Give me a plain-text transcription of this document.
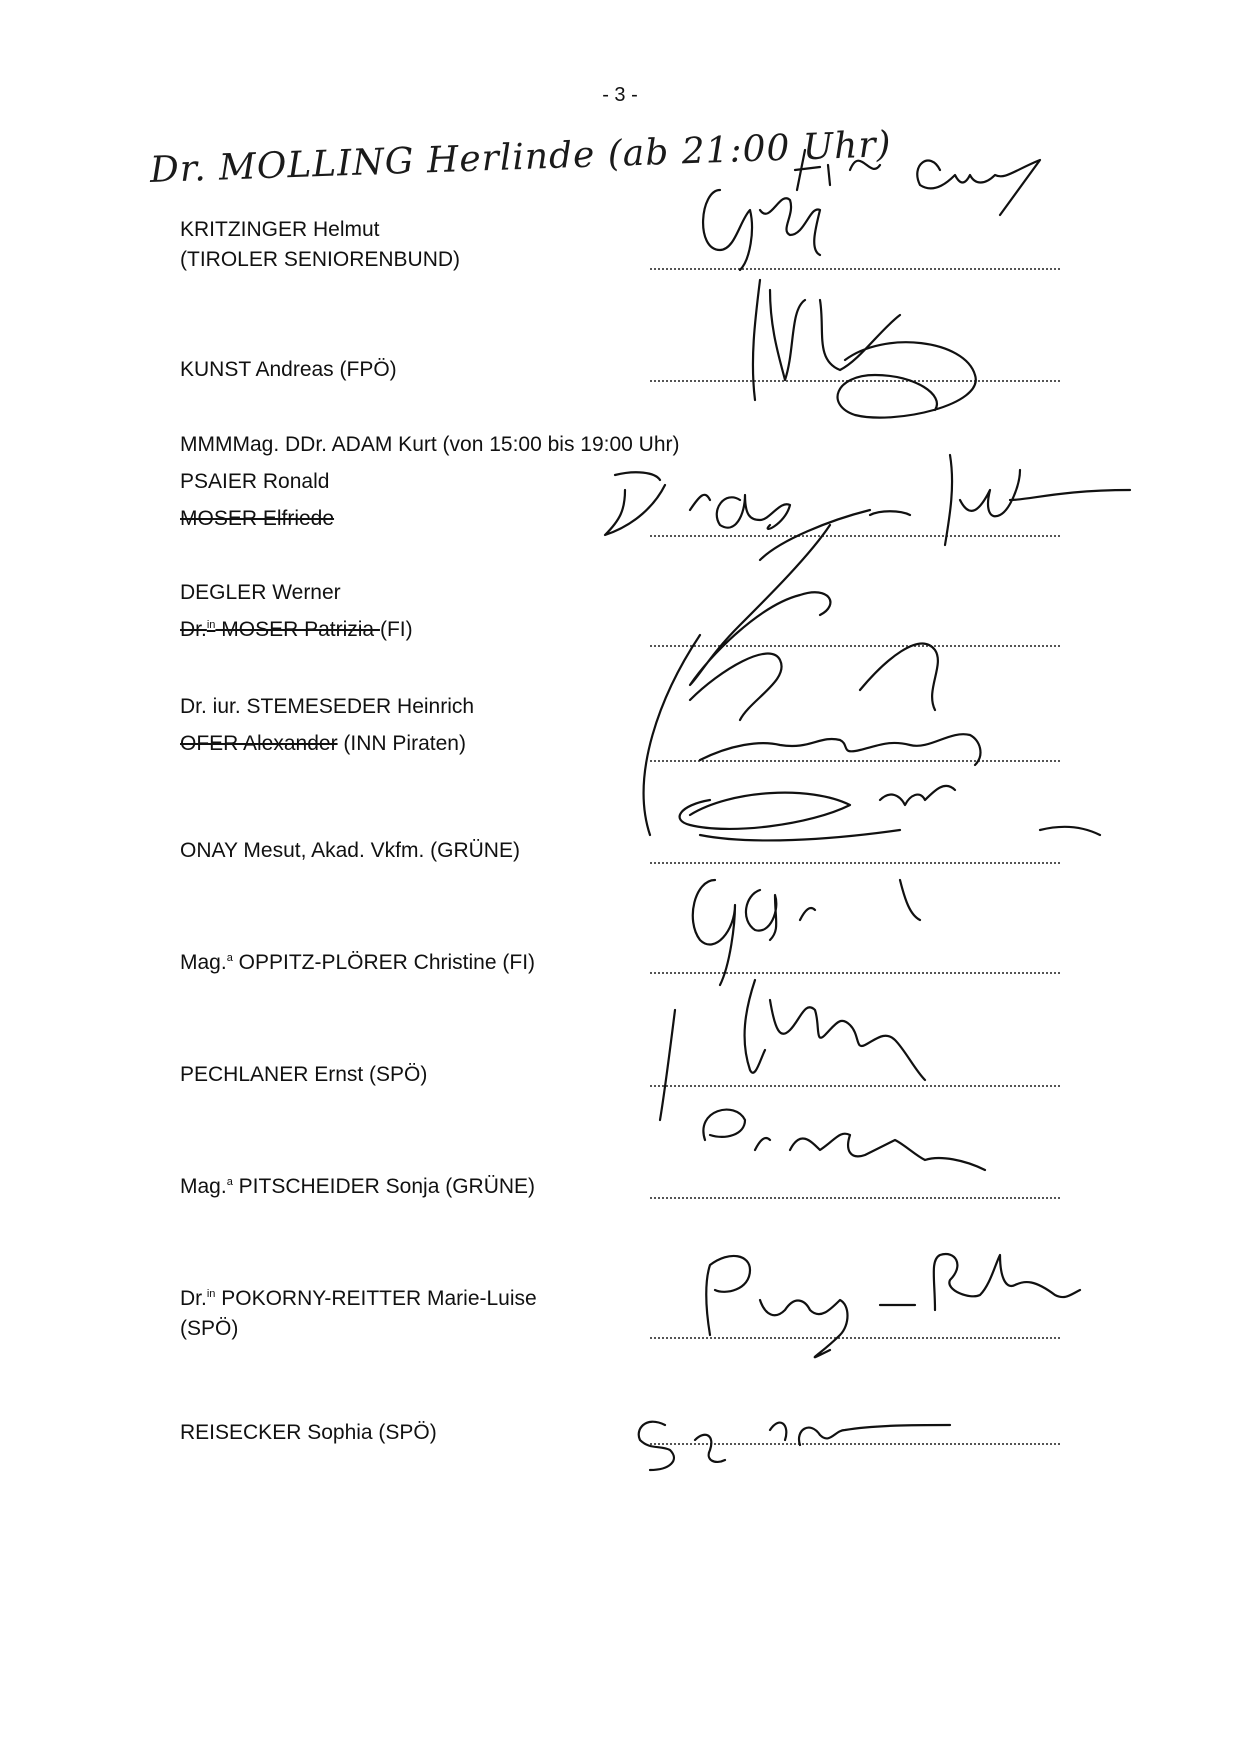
- 3 -
Dr. MOLLING Herlinde (ab 21:00 Uhr)
KRITZINGER Helmut
(TIROLER SENIORENBUND)
KUNST Andreas (FPÖ)
MMMMag. DDr. ADAM Kurt (von 15:00 bis 19:00 Uhr)
PSAIER Ronald
MOSER Elfriede
DEGLER Werner
Dr.$^{in}$ MOSER Patrizia (FI)
Dr. iur. STEMESEDER Heinrich
OFER Alexander (INN Piraten)
ONAY Mesut, Akad. Vkfm. (GRÜNE)
Mag.$^a$ OPPITZ-PLÖRER Christine (FI)
PECHLANER Ernst (SPÖ)
Mag.$^a$ PITSCHEIDER Sonja (GRÜNE)
Dr.$^{in}$ POKORNY-REITTER Marie-Luise
(SPÖ)
REISECKER Sophia (SPÖ)
